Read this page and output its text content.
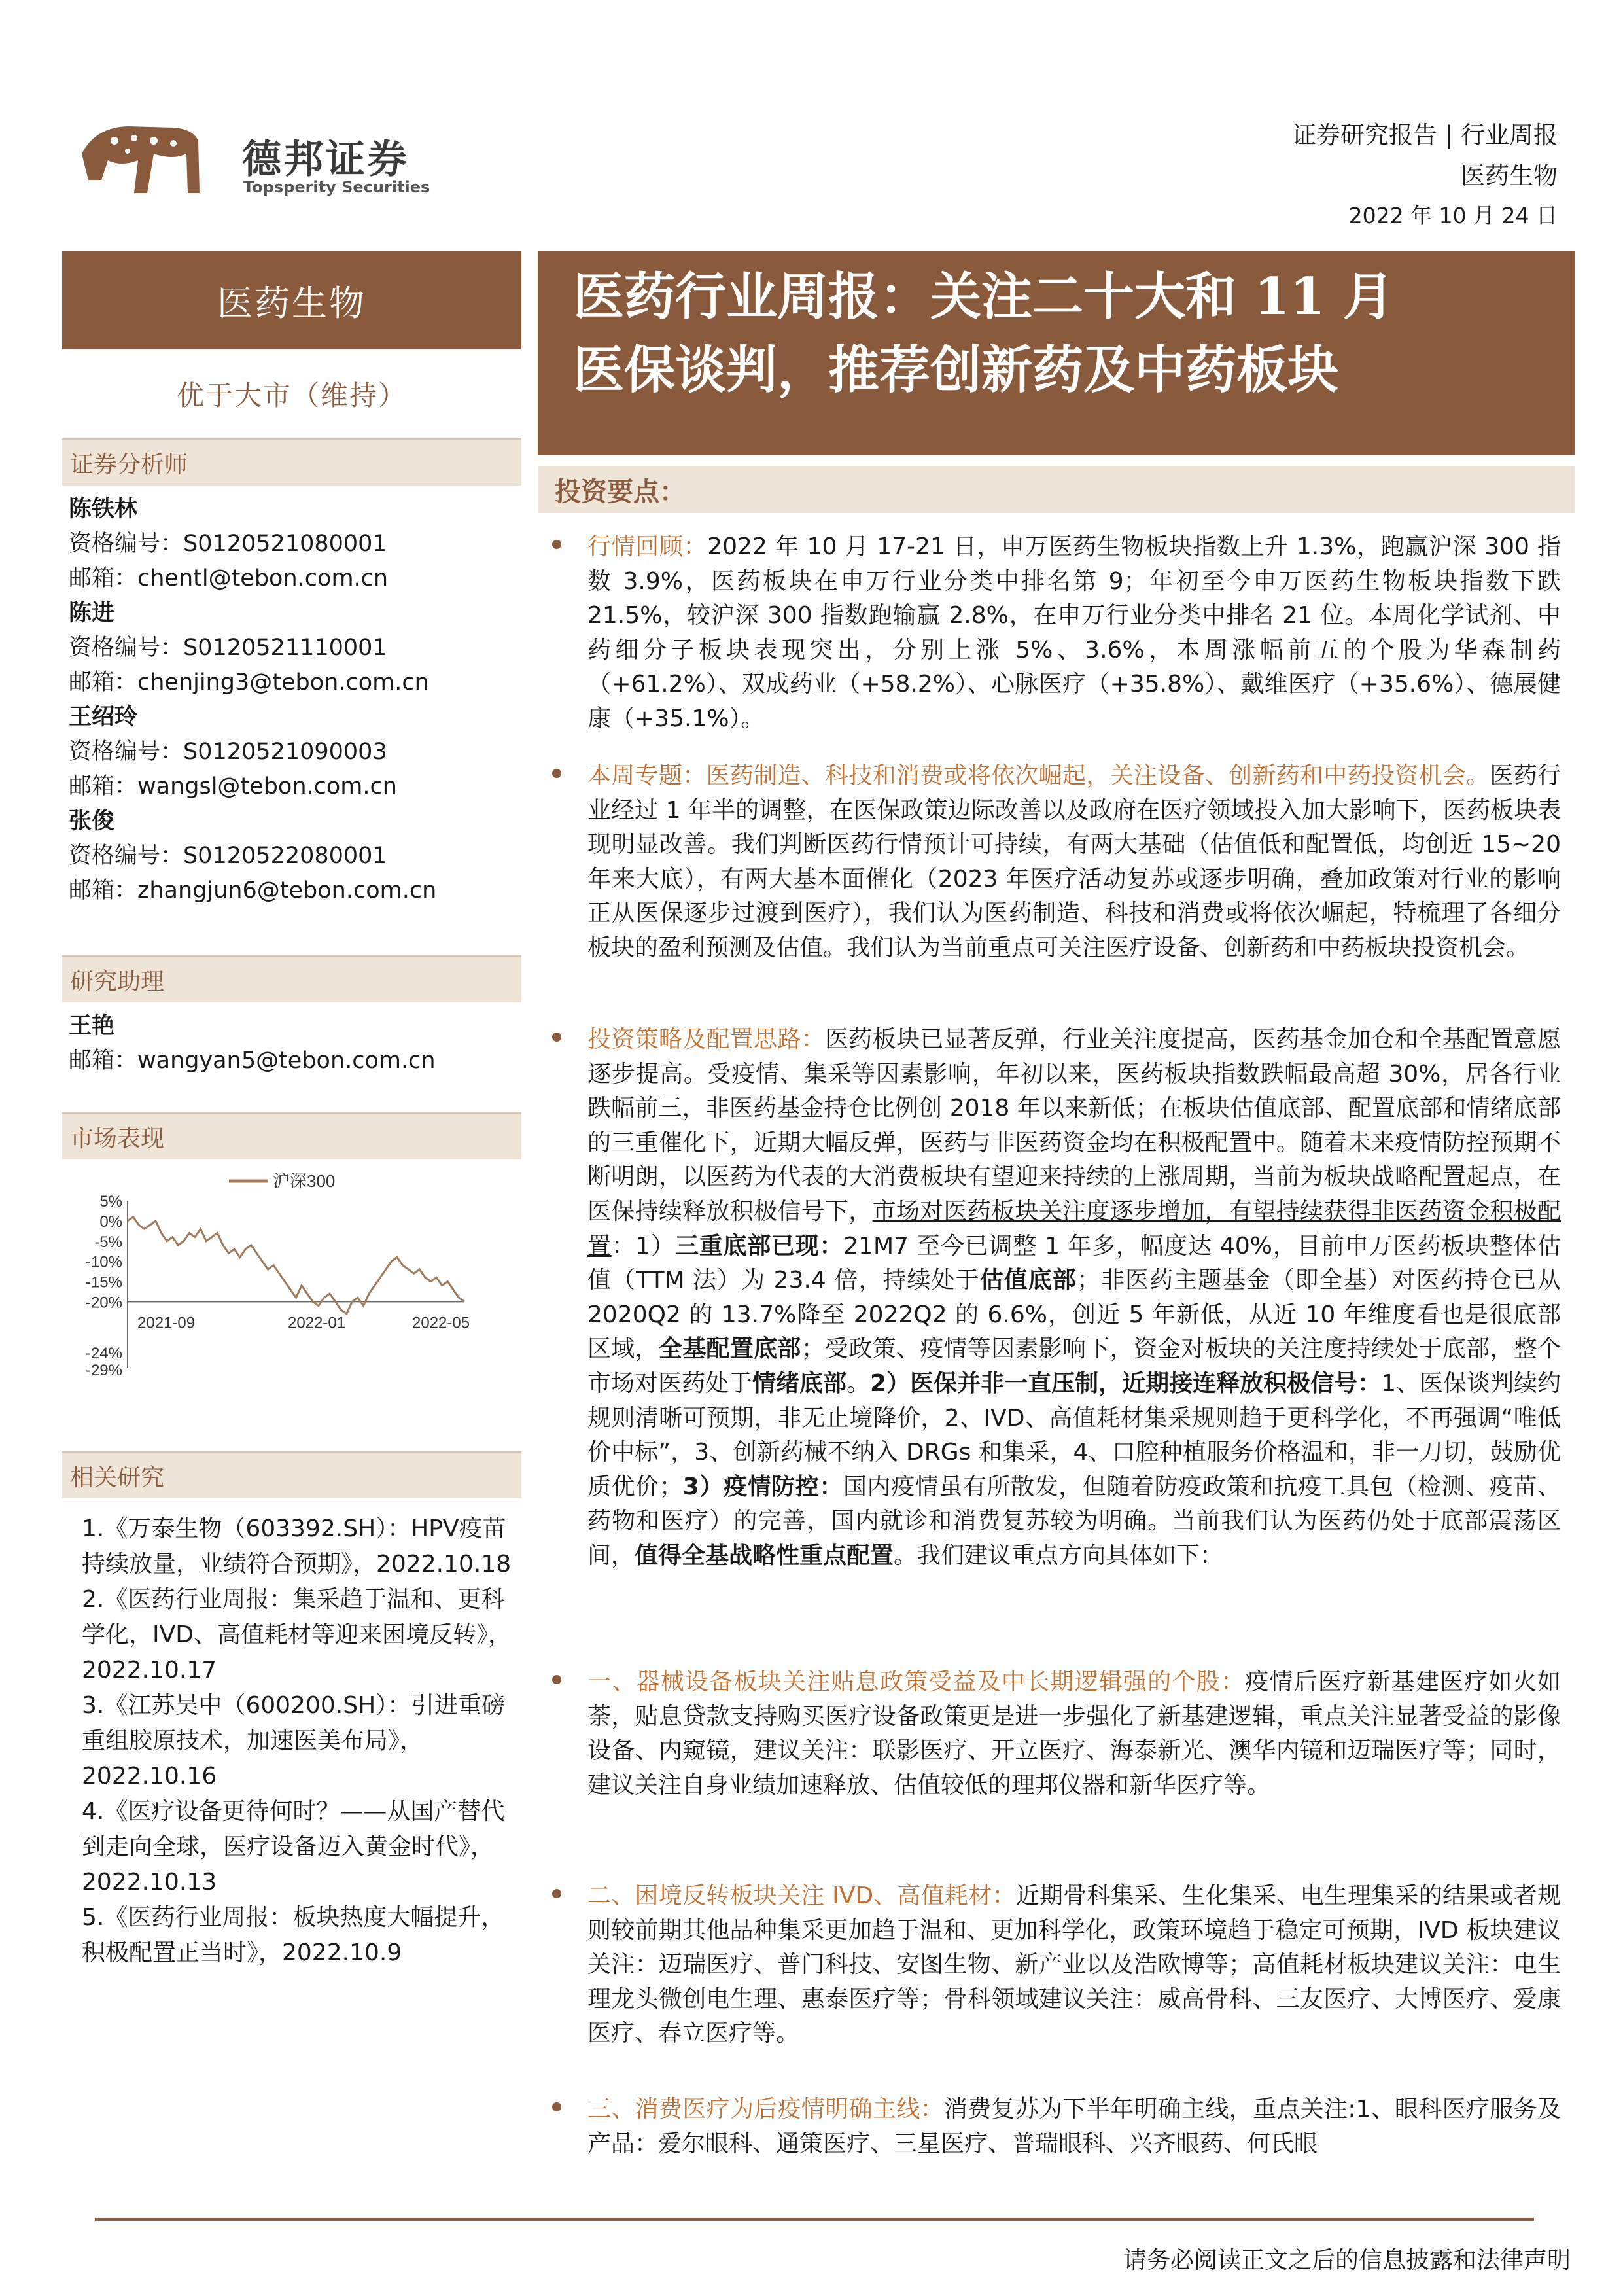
德邦证券
Topsperity Securities
证券研究报告 | 行业周报
医药生物
2022 年 10 月 24 日
医药生物
优于大市（维持）
证券分析师
陈铁林
资格编号：S0120521080001
邮箱：chentl@tebon.com.cn
陈进
资格编号：S0120521110001
邮箱：chenjing3@tebon.com.cn
王绍玲
资格编号：S0120521090003
邮箱：wangsl@tebon.com.cn
张俊
资格编号：S0120522080001
邮箱：zhangjun6@tebon.com.cn
研究助理
王艳
邮箱：wangyan5@tebon.com.cn
市场表现
5%
0%
-5%
-10%
-15%
-20%
-24%
-29%
2021-09	2022-01	2022-05
沪深300
相关研究
1.《万泰生物（603392.SH）：HPV疫苗持续放量，业绩符合预期》，2022.10.18
2.《医药行业周报：集采趋于温和、更科学化，IVD、高值耗材等迎来困境反转》，2022.10.17
3.《江苏吴中（600200.SH）：引进重磅重组胶原技术，加速医美布局》，2022.10.16
4.《医疗设备更待何时？——从国产替代到走向全球，医疗设备迈入黄金时代》，2022.10.13
5.《医药行业周报：板块热度大幅提升，积极配置正当时》，2022.10.9
医药行业周报：关注二十大和 11 月
医保谈判，推荐创新药及中药板块
投资要点：
行情回顾：2022 年 10 月 17-21 日，申万医药生物板块指数上升 1.3%，跑赢沪深 300 指数 3.9%，医药板块在申万行业分类中排名第 9；年初至今申万医药生物板块指数下跌 21.5%，较沪深 300 指数跑输赢 2.8%，在申万行业分类中排名 21 位。本周化学试剂、中药细分子板块表现突出，分别上涨 5%、3.6%，本周涨幅前五的个股为华森制药（+61.2%）、双成药业（+58.2%）、心脉医疗（+35.8%）、戴维医疗（+35.6%）、德展健康（+35.1%）。
本周专题：医药制造、科技和消费或将依次崛起，关注设备、创新药和中药投资机会。医药行业经过 1 年半的调整，在医保政策边际改善以及政府在医疗领域投入加大影响下，医药板块表现明显改善。我们判断医药行情预计可持续，有两大基础（估值低和配置低，均创近 15~20 年来大底），有两大基本面催化（2023 年医疗活动复苏或逐步明确，叠加政策对行业的影响正从医保逐步过渡到医疗），我们认为医药制造、科技和消费或将依次崛起，特梳理了各细分板块的盈利预测及估值。我们认为当前重点可关注医疗设备、创新药和中药板块投资机会。
投资策略及配置思路：医药板块已显著反弹，行业关注度提高，医药基金加仓和全基配置意愿逐步提高。受疫情、集采等因素影响，年初以来，医药板块指数跌幅最高超 30%，居各行业跌幅前三，非医药基金持仓比例创 2018 年以来新低；在板块估值底部、配置底部和情绪底部的三重催化下，近期大幅反弹，医药与非医药资金均在积极配置中。随着未来疫情防控预期不断明朗，以医药为代表的大消费板块有望迎来持续的上涨周期，当前为板块战略配置起点，在医保持续释放积极信号下，市场对医药板块关注度逐步增加，有望持续获得非医药资金积极配置：1）三重底部已现：21M7 至今已调整 1 年多，幅度达 40%，目前申万医药板块整体估值（TTM 法）为 23.4 倍，持续处于估值底部；非医药主题基金（即全基）对医药持仓已从 2020Q2 的 13.7%降至 2022Q2 的 6.6%，创近 5 年新低，从近 10 年维度看也是很底部区域，全基配置底部；受政策、疫情等因素影响下，资金对板块的关注度持续处于底部，整个市场对医药处于情绪底部。2）医保并非一直压制，近期接连释放积极信号：1、医保谈判续约规则清晰可预期，非无止境降价，2、IVD、高值耗材集采规则趋于更科学化，不再强调“唯低价中标”，3、创新药械不纳入 DRGs 和集采，4、口腔种植服务价格温和，非一刀切，鼓励优质优价；3）疫情防控：国内疫情虽有所散发，但随着防疫政策和抗疫工具包（检测、疫苗、药物和医疗）的完善，国内就诊和消费复苏较为明确。当前我们认为医药仍处于底部震荡区间，值得全基战略性重点配置。我们建议重点方向具体如下：
一、器械设备板块关注贴息政策受益及中长期逻辑强的个股：疫情后医疗新基建医疗如火如荼，贴息贷款支持购买医疗设备政策更是进一步强化了新基建逻辑，重点关注显著受益的影像设备、内窥镜，建议关注：联影医疗、开立医疗、海泰新光、澳华内镜和迈瑞医疗等；同时，建议关注自身业绩加速释放、估值较低的理邦仪器和新华医疗等。
二、困境反转板块关注 IVD、高值耗材：近期骨科集采、生化集采、电生理集采的结果或者规则较前期其他品种集采更加趋于温和、更加科学化，政策环境趋于稳定可预期，IVD 板块建议关注：迈瑞医疗、普门科技、安图生物、新产业以及浩欧博等；高值耗材板块建议关注：电生理龙头微创电生理、惠泰医疗等；骨科领域建议关注：威高骨科、三友医疗、大博医疗、爱康医疗、春立医疗等。
三、消费医疗为后疫情明确主线：消费复苏为下半年明确主线，重点关注:1、眼科医疗服务及产品：爱尔眼科、通策医疗、三星医疗、普瑞眼科、兴齐眼药、何氏眼
请务必阅读正文之后的信息披露和法律声明
